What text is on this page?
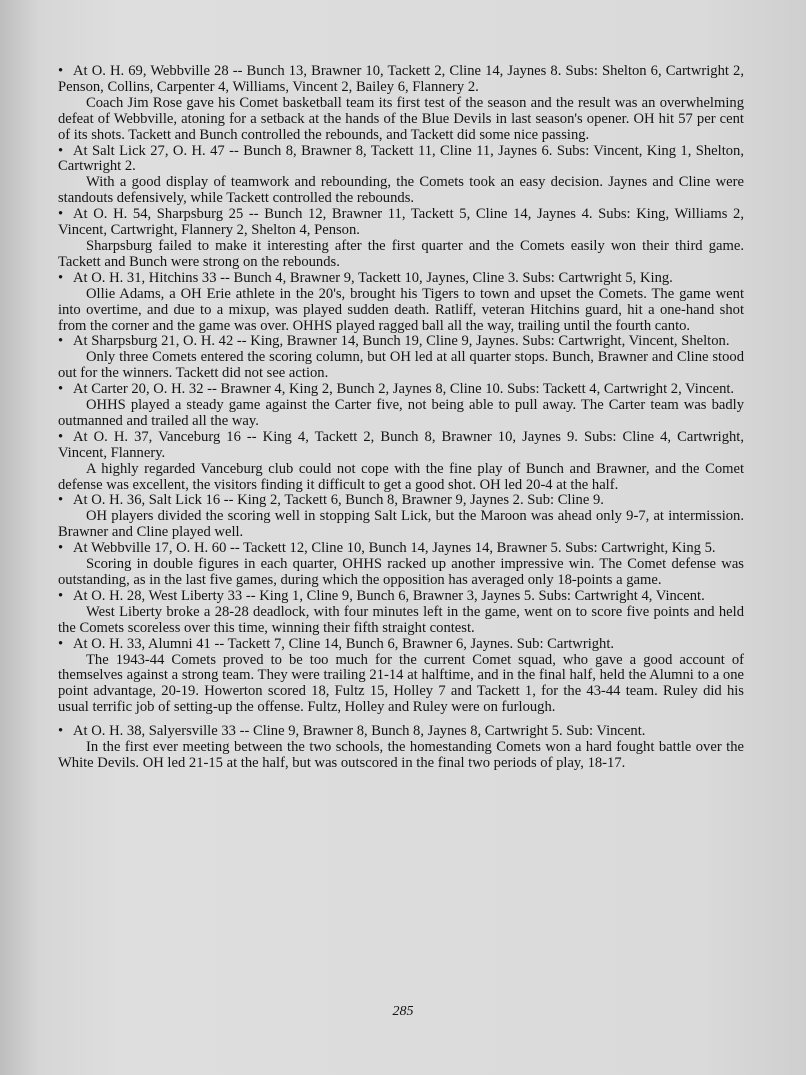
• At O. H. 69, Webbville 28 -- Bunch 13, Brawner 10, Tackett 2, Cline 14, Jaynes 8. Subs: Shelton 6, Cartwright 2, Penson, Collins, Carpenter 4, Williams, Vincent 2, Bailey 6, Flannery 2.

Coach Jim Rose gave his Comet basketball team its first test of the season and the result was an overwhelming defeat of Webbville, atoning for a setback at the hands of the Blue Devils in last season's opener. OH hit 57 per cent of its shots. Tackett and Bunch controlled the rebounds, and Tackett did some nice passing.

• At Salt Lick 27, O. H. 47 -- Bunch 8, Brawner 8, Tackett 11, Cline 11, Jaynes 6. Subs: Vincent, King 1, Shelton, Cartwright 2.

With a good display of teamwork and rebounding, the Comets took an easy decision. Jaynes and Cline were standouts defensively, while Tackett controlled the rebounds.

• At O. H. 54, Sharpsburg 25 -- Bunch 12, Brawner 11, Tackett 5, Cline 14, Jaynes 4. Subs: King, Williams 2, Vincent, Cartwright, Flannery 2, Shelton 4, Penson.

Sharpsburg failed to make it interesting after the first quarter and the Comets easily won their third game. Tackett and Bunch were strong on the rebounds.

• At O. H. 31, Hitchins 33 -- Bunch 4, Brawner 9, Tackett 10, Jaynes, Cline 3. Subs: Cartwright 5, King.

Ollie Adams, a OH Erie athlete in the 20's, brought his Tigers to town and upset the Comets. The game went into overtime, and due to a mixup, was played sudden death. Ratliff, veteran Hitchins guard, hit a one-hand shot from the corner and the game was over. OHHS played ragged ball all the way, trailing until the fourth canto.

• At Sharpsburg 21, O. H. 42 -- King, Brawner 14, Bunch 19, Cline 9, Jaynes. Subs: Cartwright, Vincent, Shelton.

Only three Comets entered the scoring column, but OH led at all quarter stops. Bunch, Brawner and Cline stood out for the winners. Tackett did not see action.

• At Carter 20, O. H. 32 -- Brawner 4, King 2, Bunch 2, Jaynes 8, Cline 10. Subs: Tackett 4, Cartwright 2, Vincent.

OHHS played a steady game against the Carter five, not being able to pull away. The Carter team was badly outmanned and trailed all the way.

• At O. H. 37, Vanceburg 16 -- King 4, Tackett 2, Bunch 8, Brawner 10, Jaynes 9. Subs: Cline 4, Cartwright, Vincent, Flannery.

A highly regarded Vanceburg club could not cope with the fine play of Bunch and Brawner, and the Comet defense was excellent, the visitors finding it difficult to get a good shot. OH led 20-4 at the half.

• At O. H. 36, Salt Lick 16 -- King 2, Tackett 6, Bunch 8, Brawner 9, Jaynes 2. Sub: Cline 9.

OH players divided the scoring well in stopping Salt Lick, but the Maroon was ahead only 9-7, at intermission. Brawner and Cline played well.

• At Webbville 17, O. H. 60 -- Tackett 12, Cline 10, Bunch 14, Jaynes 14, Brawner 5. Subs: Cartwright, King 5.

Scoring in double figures in each quarter, OHHS racked up another impressive win. The Comet defense was outstanding, as in the last five games, during which the opposition has averaged only 18-points a game.

• At O. H. 28, West Liberty 33 -- King 1, Cline 9, Bunch 6, Brawner 3, Jaynes 5. Subs: Cartwright 4, Vincent.

West Liberty broke a 28-28 deadlock, with four minutes left in the game, went on to score five points and held the Comets scoreless over this time, winning their fifth straight contest.

• At O. H. 33, Alumni 41 -- Tackett 7, Cline 14, Bunch 6, Brawner 6, Jaynes. Sub: Cartwright.

The 1943-44 Comets proved to be too much for the current Comet squad, who gave a good account of themselves against a strong team. They were trailing 21-14 at halftime, and in the final half, held the Alumni to a one point advantage, 20-19. Howerton scored 18, Fultz 15, Holley 7 and Tackett 1, for the 43-44 team. Ruley did his usual terrific job of setting-up the offense. Fultz, Holley and Ruley were on furlough.

• At O. H. 38, Salyersville 33 -- Cline 9, Brawner 8, Bunch 8, Jaynes 8, Cartwright 5. Sub: Vincent.

In the first ever meeting between the two schools, the homestanding Comets won a hard fought battle over the White Devils. OH led 21-15 at the half, but was outscored in the final two periods of play, 18-17.

285
